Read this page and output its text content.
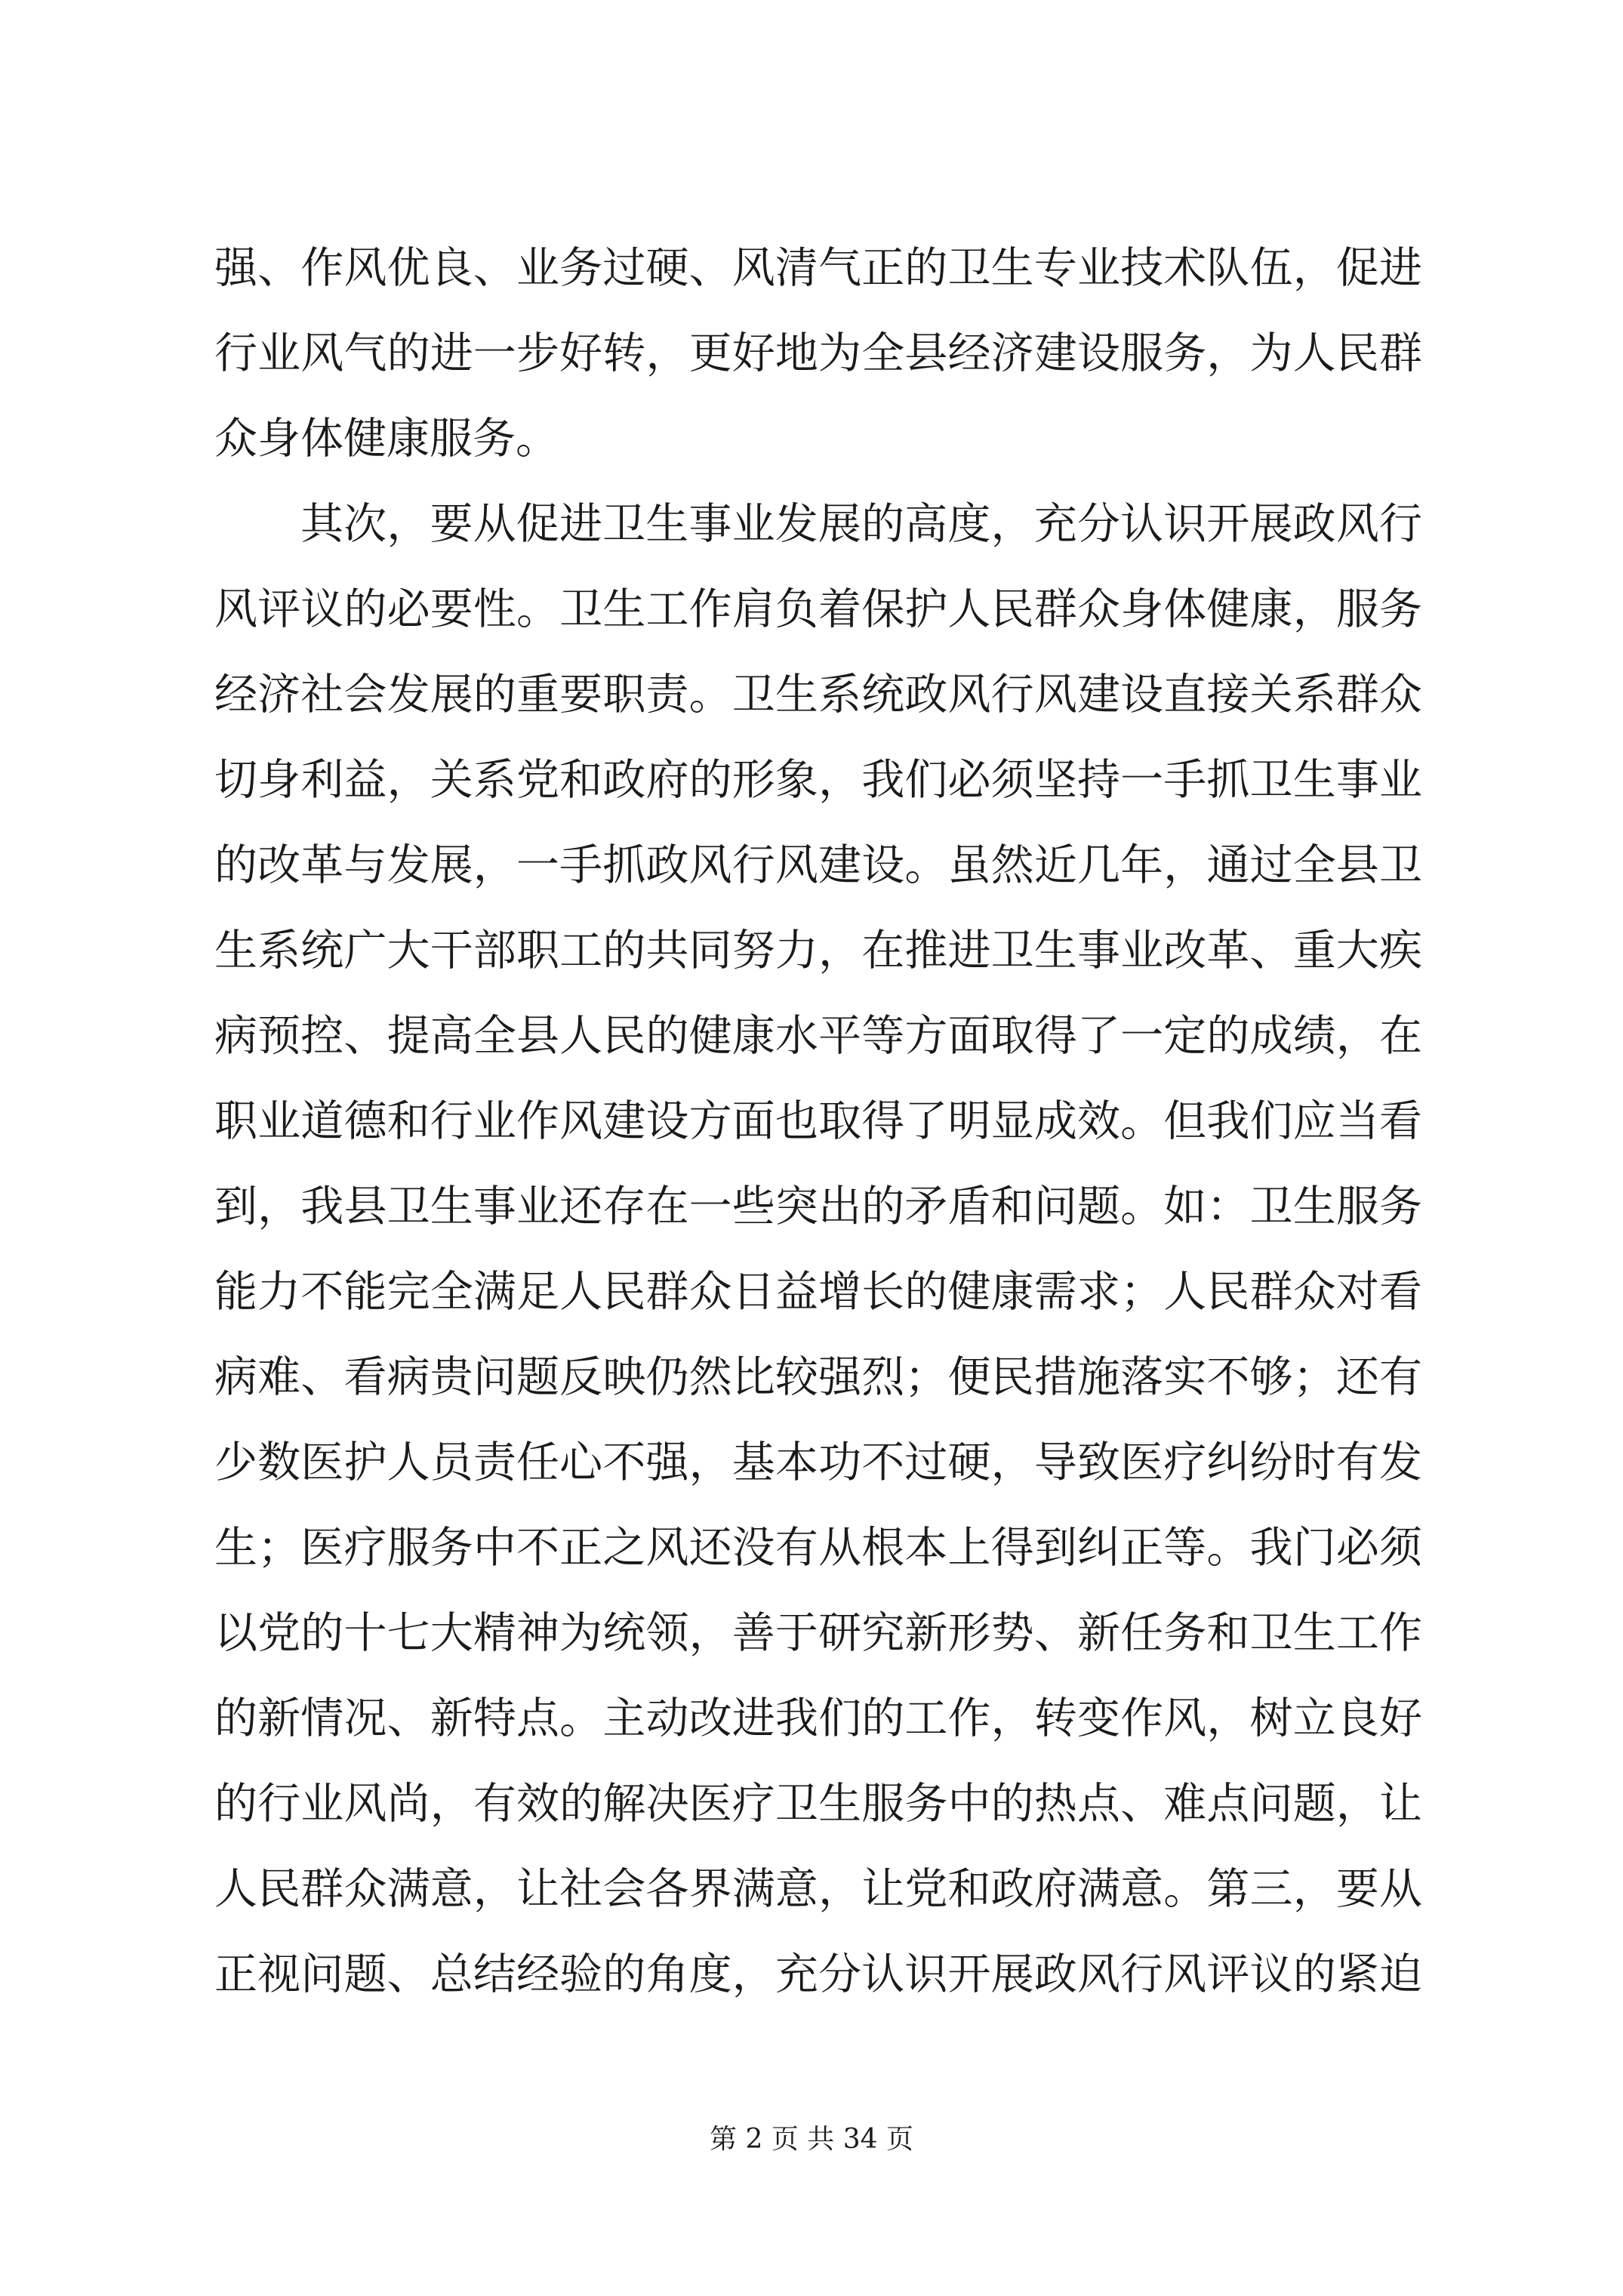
强、作风优良、业务过硬、风清气正的卫生专业技术队伍，促进
行业风气的进一步好转，更好地为全县经济建设服务，为人民群
众身体健康服务。
其次，要从促进卫生事业发展的高度，充分认识开展政风行
风评议的必要性。卫生工作肩负着保护人民群众身体健康，服务
经济社会发展的重要职责。卫生系统政风行风建设直接关系群众
切身利益，关系党和政府的形象，我们必须坚持一手抓卫生事业
的改革与发展，一手抓政风行风建设。虽然近几年，通过全县卫
生系统广大干部职工的共同努力，在推进卫生事业改革、重大疾
病预控、提高全县人民的健康水平等方面取得了一定的成绩，在
职业道德和行业作风建设方面也取得了明显成效。但我们应当看
到，我县卫生事业还存在一些突出的矛盾和问题。如：卫生服务
能力不能完全满足人民群众日益增长的健康需求；人民群众对看
病难、看病贵问题反映仍然比较强烈；便民措施落实不够；还有
少数医护人员责任心不强，基本功不过硬，导致医疗纠纷时有发
生；医疗服务中不正之风还没有从根本上得到纠正等。我门必须
以党的十七大精神为统领，善于研究新形势、新任务和卫生工作
的新情况、新特点。主动改进我们的工作，转变作风，树立良好
的行业风尚，有效的解决医疗卫生服务中的热点、难点问题，让
人民群众满意，让社会各界满意，让党和政府满意。第三，要从
正视问题、总结经验的角度，充分认识开展政风行风评议的紧迫
第 2 页 共 34 页
